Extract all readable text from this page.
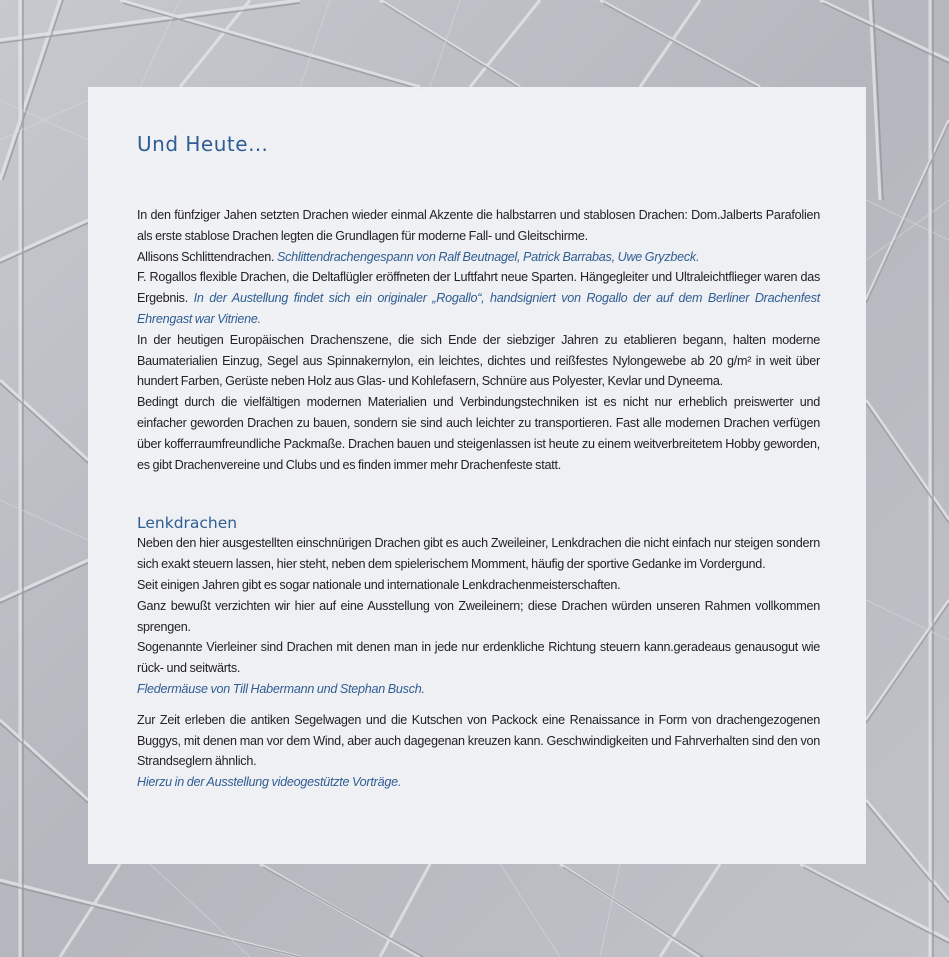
Und Heute…

In den fünfziger Jahen setzten Drachen wieder einmal Akzente die halbstarren und stablosen Drachen: Dom.Jalberts Parafolien als erste stablose Drachen legten die Grundlagen für moderne Fall- und Gleitschirme.

Allisons Schlittendrachen. Schlittendrachengespann von Ralf Beutnagel, Patrick Barrabas, Uwe Gryzbeck.

F. Rogallos flexible Drachen, die Deltaflügler eröffneten der Luftfahrt neue Sparten. Hängegleiter und Ultraleichtflieger waren das Ergebnis. In der Austellung findet sich ein originaler „Rogallo“, handsigniert von Rogallo der auf dem Berliner Drachenfest Ehrengast war Vitriene.

In der heutigen Europäischen Drachenszene, die sich Ende der siebziger Jahren zu etablieren begann, halten moderne Baumaterialien Einzug, Segel aus Spinnakernylon, ein leichtes, dichtes und reißfestes Nylongewebe ab 20 g/m² in weit über hundert Farben, Gerüste neben Holz aus Glas- und Kohlefasern, Schnüre aus Polyester, Kevlar und Dyneema.

Bedingt durch die vielfältigen modernen Materialien und Verbindungstechniken ist es nicht nur erheblich preiswerter und einfacher geworden Drachen zu bauen, sondern sie sind auch leichter zu transportieren. Fast alle modernen Drachen verfügen über kofferraumfreundliche Packmaße. Drachen bauen und steigenlassen ist heute zu einem weitverbreitetem Hobby geworden, es gibt Drachenvereine und Clubs und es finden immer mehr Drachenfeste statt.

Lenkdrachen

Neben den hier ausgestellten einschnürigen Drachen gibt es auch Zweileiner, Lenkdrachen die nicht einfach nur steigen sondern sich exakt steuern lassen, hier steht, neben dem spielerischem Momment, häufig der sportive Gedanke im Vordergund.

Seit einigen Jahren gibt es sogar nationale und internationale Lenkdrachenmeisterschaften.

Ganz bewußt verzichten wir hier auf eine Ausstellung von Zweileinern; diese Drachen würden unseren Rahmen vollkommen sprengen.

Sogenannte Vierleiner sind Drachen mit denen man in jede nur erdenkliche Richtung steuern kann.geradeaus genausogut wie rück- und seitwärts.

Fledermäuse von Till Habermann und Stephan Busch.

Zur Zeit erleben die antiken Segelwagen und die Kutschen von Packock eine Renaissance in Form von drachengezogenen Buggys, mit denen man vor dem Wind, aber auch dagegenan kreuzen kann. Geschwindigkeiten und Fahrverhalten sind den von Strandseglern ähnlich.

Hierzu in der Ausstellung videogestützte Vorträge.
